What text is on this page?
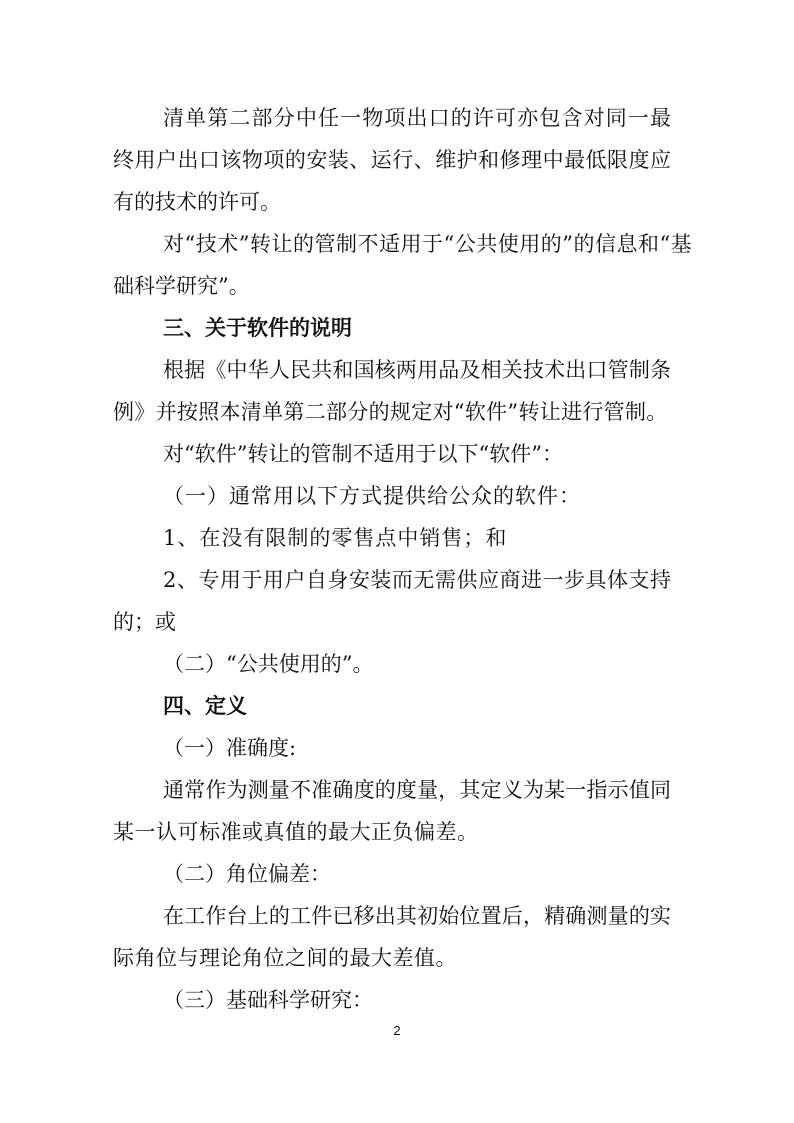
清单第二部分中任一物项出口的许可亦包含对同一最
终用户出口该物项的安装、运行、维护和修理中最低限度应
有的技术的许可。
对“技术”转让的管制不适用于“公共使用的”的信息和“基
础科学研究”。
三、关于软件的说明
根据《中华人民共和国核两用品及相关技术出口管制条
例》并按照本清单第二部分的规定对“软件”转让进行管制。
对“软件”转让的管制不适用于以下“软件”：
（一）通常用以下方式提供给公众的软件：
1、在没有限制的零售点中销售；和
2、专用于用户自身安装而无需供应商进一步具体支持
的；或
（二）“公共使用的”。
四、定义
（一）准确度:
通常作为测量不准确度的度量，其定义为某一指示值同
某一认可标准或真值的最大正负偏差。
（二）角位偏差：
在工作台上的工件已移出其初始位置后，精确测量的实
际角位与理论角位之间的最大差值。
（三）基础科学研究：
2
